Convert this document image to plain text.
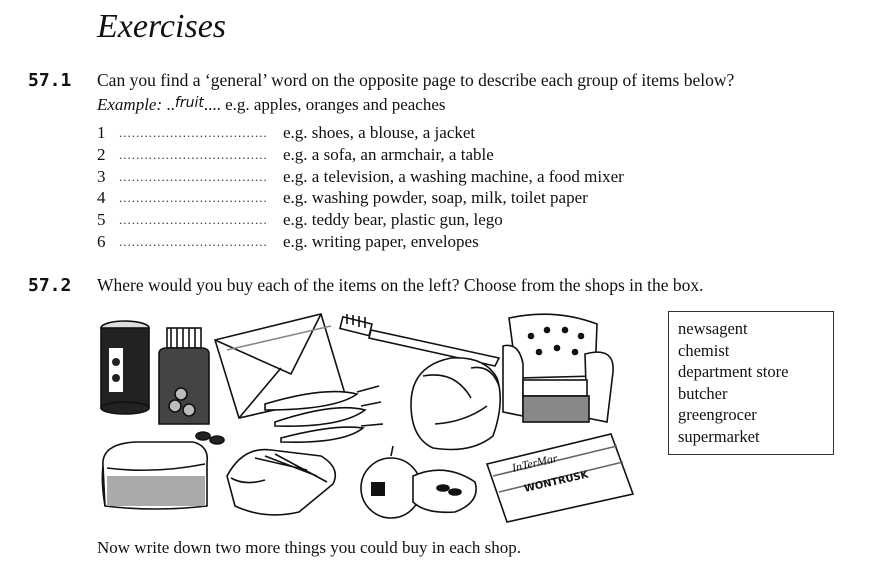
Exercises
57.1 Can you find a ‘general’ word on the opposite page to describe each group of items below?
Example: ..fruit.... e.g. apples, oranges and peaches
1	................................... e.g. shoes, a blouse, a jacket
2	................................... e.g. a sofa, an armchair, a table
3	................................... e.g. a television, a washing machine, a food mixer
4	................................... e.g. washing powder, soap, milk, toilet paper
5	................................... e.g. teddy bear, plastic gun, lego
6	................................... e.g. writing paper, envelopes
57.2 Where would you buy each of the items on the left? Choose from the shops in the box.
InTerMar
WONTRUSK
newsagent
chemist
department store
butcher
greengrocer
supermarket
Now write down two more things you could buy in each shop.
